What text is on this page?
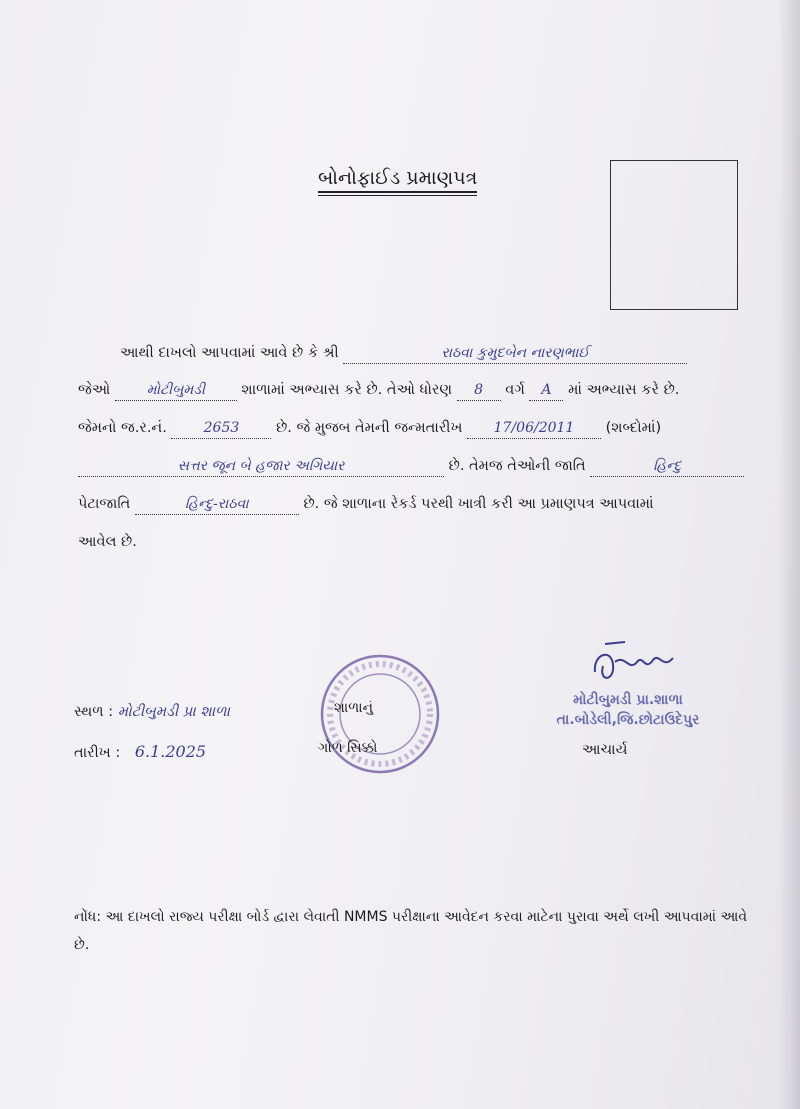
બોનોફાઈડ પ્રમાણપત્ર
આથી દાખલો આપવામાં આવે છે કે શ્રી	રાઠવા કુમુદબેન નારણભાઈ
જેઓ	મોટીબુમડી	શાળામાં અભ્યાસ કરે છે. તેઓ ધોરણ 8 વર્ગ A માં અભ્યાસ કરે છે.
જેમનો જ.ર.નં.	2653	છે. જે મુજબ તેમની જન્મતારીખ 17/06/2011 (શબ્દોમાં)
સત્તર જૂન બે હજાર અગિયાર	છે. તેમજ તેઓની જાતિ	હિન્દુ
પેટાજાતિ	હિન્દુ-રાઠવા	છે. જે શાળાના રેકર્ડ પરથી ખાત્રી કરી આ પ્રમાણપત્ર આપવામાં
આવેલ છે.
સ્થળ : મોટીબુમડી પ્રા શાળા
તારીખ : 6.1.2025
શાળાનું
ગોળ સિક્કો
મોટીબુમડી પ્રા.શાળા
તા.બોડેલી,જિ.છોટાઉદેપુર
આચાર્ય
નોંધ: આ દાખલો રાજ્ય પરીક્ષા બોર્ડ દ્વારા લેવાતી NMMS પરીક્ષાના આવેદન કરવા માટેના પુરાવા અર્થે લખી આપવામાં આવે છે.
